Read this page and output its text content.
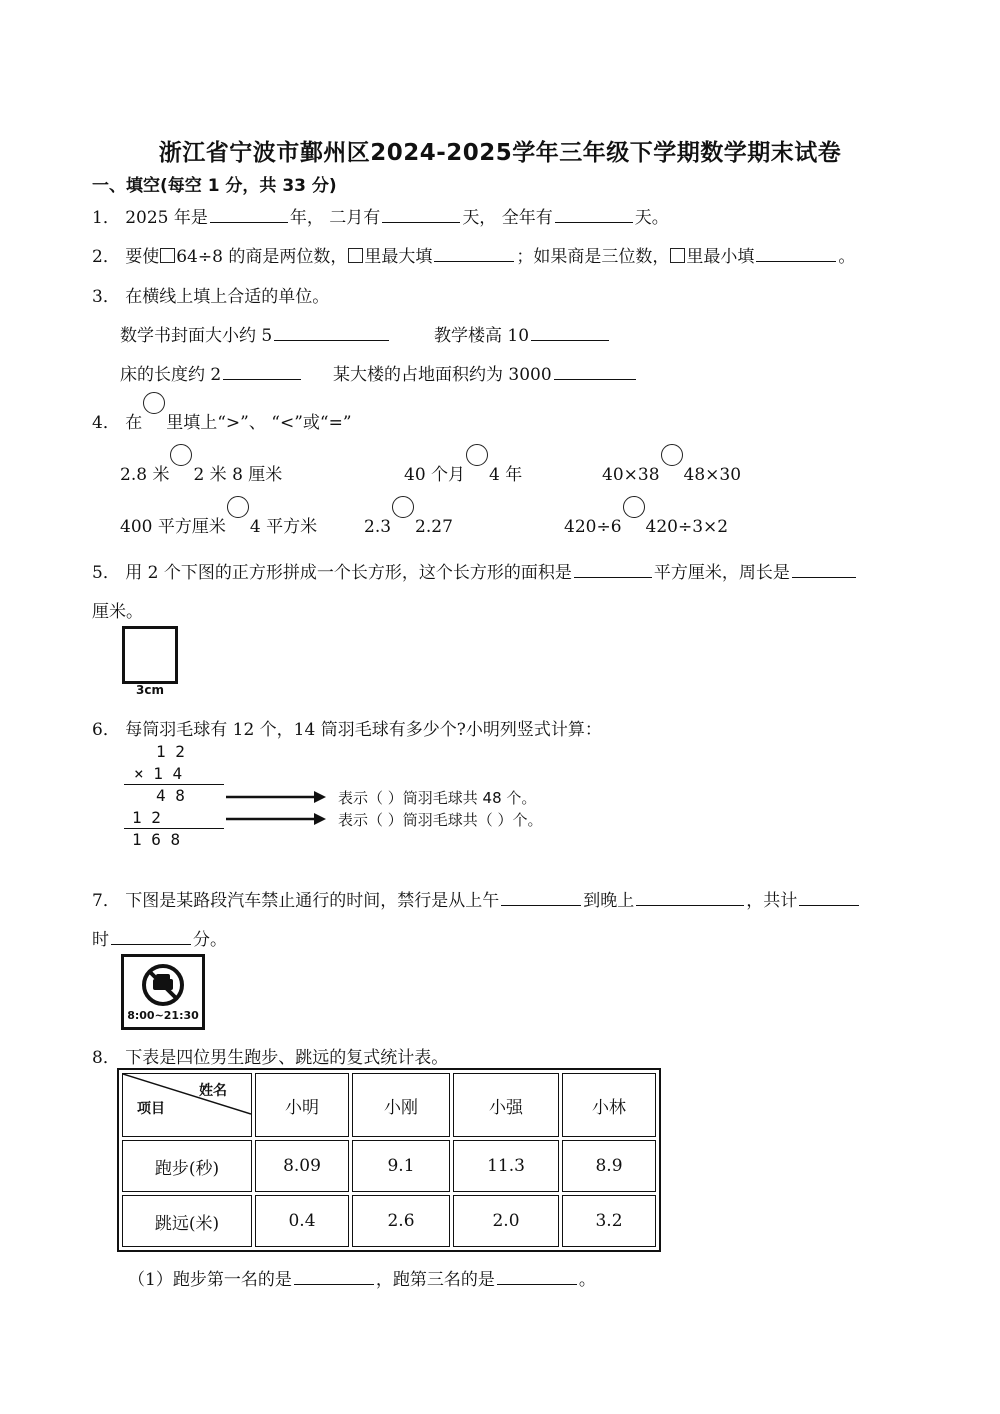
浙江省宁波市鄞州区2024-2025学年三年级下学期数学期末试卷
一、填空(每空 1 分，共 33 分)
1． 2025 年是	年， 二月有	天， 全年有	天。
2． 要使 64÷8 的商是两位数， 里最大填	；如果商是三位数， 里最小填	。
3． 在横线上填上合适的单位。
数学书封面大小约 5	教学楼高 10
床的长度约 2	某大楼的占地面积约为 3000
4． 在 里填上“>”、 “<”或“=”
2.8 米 2 米 8 厘米	40 个月 4 年	40×38 48×30
400 平方厘米 4 平方米	2.3 2.27	420÷6 420÷3×2
5． 用 2 个下图的正方形拼成一个长方形，这个长方形的面积是	平方厘米，周长是
厘米。
3cm
6． 每筒羽毛球有 12 个，14 筒羽毛球有多少个?小明列竖式计算：
1 2
× 1 4
4 8
1 2
1 6 8
表示（ ）筒羽毛球共 48 个。
表示（ ）筒羽毛球共（ ）个。
7． 下图是某路段汽车禁止通行的时间，禁行是从上午	到晚上	，共计
时	分。
8:00~21:30
8． 下表是四位男生跑步、跳远的复式统计表。
姓名
项目	小明	小刚	小强	小林
跑步(秒)	8.09	9.1	11.3	8.9
跳远(米)	0.4	2.6	2.0	3.2
（1）跑步第一名的是	，跑第三名的是	。
